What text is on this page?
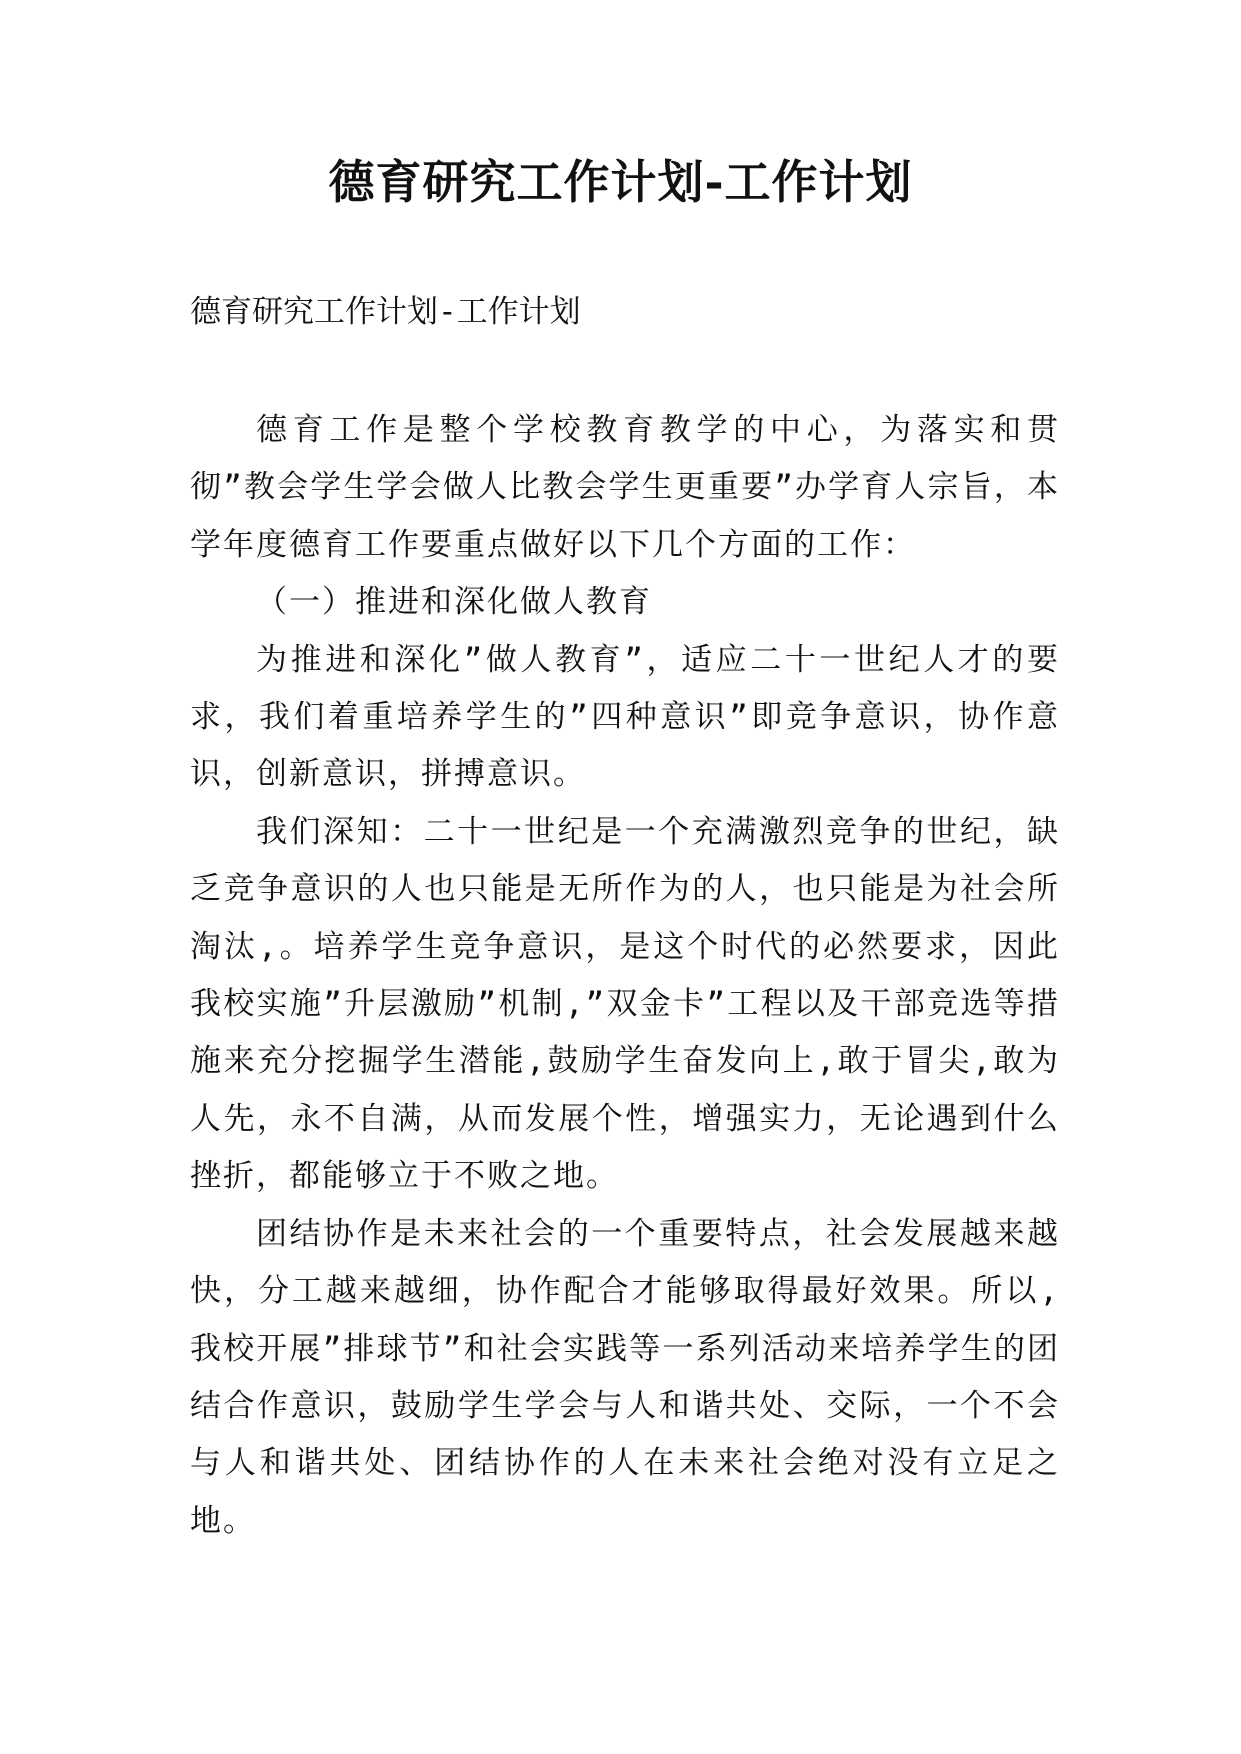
德育研究工作计划-工作计划
德育研究工作计划-工作计划

德育工作是整个学校教育教学的中心，为落实和贯彻”教会学生学会做人比教会学生更重要”办学育人宗旨，本学年度德育工作要重点做好以下几个方面的工作：

（一）推进和深化做人教育

为推进和深化”做人教育”，适应二十一世纪人才的要求，我们着重培养学生的”四种意识”即竞争意识，协作意识，创新意识，拼搏意识。

我们深知：二十一世纪是一个充满激烈竞争的世纪，缺乏竞争意识的人也只能是无所作为的人，也只能是为社会所淘汰,。培养学生竞争意识，是这个时代的必然要求，因此我校实施”升层激励”机制,”双金卡”工程以及干部竞选等措施来充分挖掘学生潜能,鼓励学生奋发向上,敢于冒尖,敢为人先，永不自满，从而发展个性，增强实力，无论遇到什么挫折，都能够立于不败之地。

团结协作是未来社会的一个重要特点，社会发展越来越快，分工越来越细，协作配合才能够取得最好效果。所以,我校开展”排球节”和社会实践等一系列活动来培养学生的团结合作意识，鼓励学生学会与人和谐共处、交际，一个不会与人和谐共处、团结协作的人在未来社会绝对没有立足之地。
